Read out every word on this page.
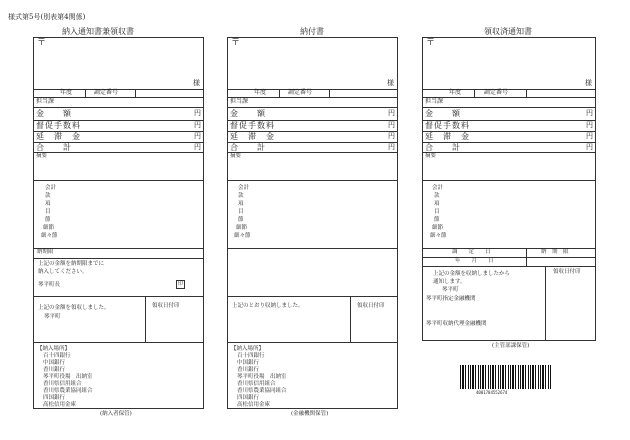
様式第5号(別表第4関係)
納入通知書兼領収書
〒
様
年度	調定番号
担当課
金　　額	円
督促手数料	円
延　滞　金	円
合　　計	円
摘要
会計
款
項
目
節
細節
細々節
納期限
上記の金額を納期限までに
納入してください。
琴平町長	印
上記の金額を領収しました。
琴平町
領収日付印
【納入場所】
百十四銀行
中国銀行
香川銀行
琴平町役場　出納室
香川県信用組合
香川県農業協同組合
四国銀行
高松信用金庫
(納入者保管)
納付書
〒
様
年度	調定番号
担当課
金　　額	円
督促手数料	円
延　滞　金	円
合　　計	円
摘要
会計
款
項
目
節
細節
細々節
上記のとおり収納しました。	領収日付印
【納入場所】
百十四銀行
中国銀行
香川銀行
琴平町役場　出納室
香川県信用組合
香川県農業協同組合
四国銀行
高松信用金庫
(金融機関保管)
領収済通知書
〒
様
年度	調定番号
担当課
金　　額	円
督促手数料	円
延　滞　金	円
合　　計	円
摘要
会計
款
項
目
節
細節
細々節
調　　定　　日	納　期　限
年　　月　　日
上記の金額を収納しましたから
通知します。
琴平町
琴平町指定金融機関
琴平町収納代理金融機関
領収日付印
(主管部課保管)
4001784552674
